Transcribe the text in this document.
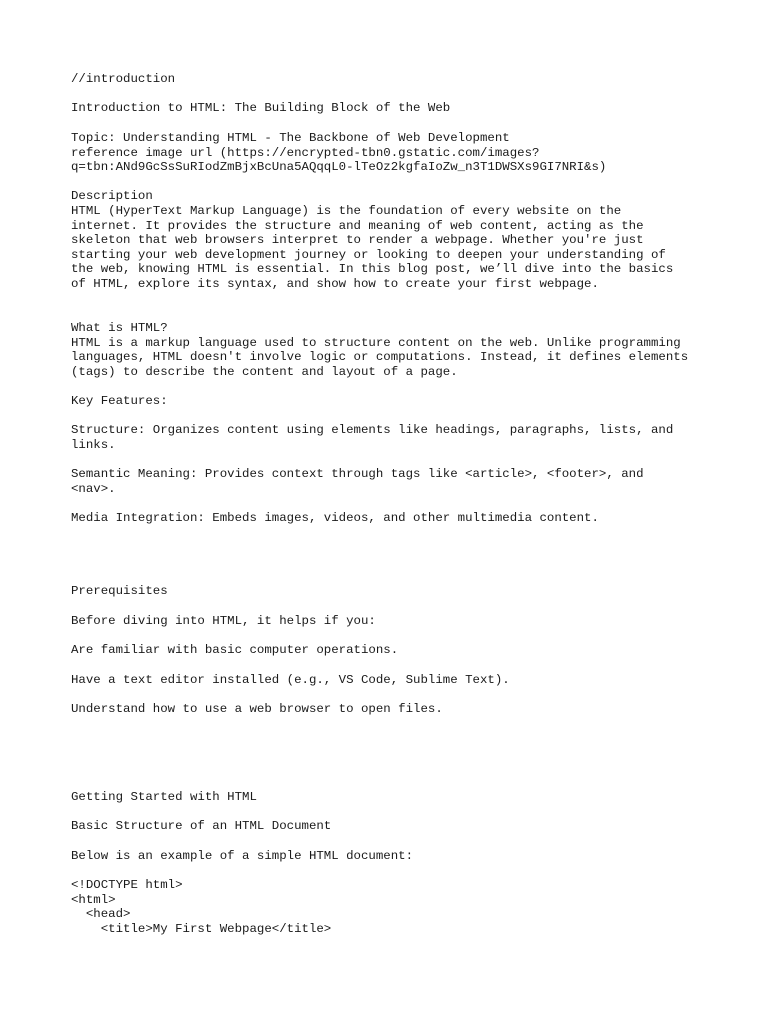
//introduction
Introduction to HTML: The Building Block of the Web
Topic: Understanding HTML - The Backbone of Web Development
reference image url (https://encrypted-tbn0.gstatic.com/images?
q=tbn:ANd9GcSsSuRIodZmBjxBcUna5AQqqL0-lTeOz2kgfaIoZw_n3T1DWSXs9GI7NRI&s)
Description
HTML (HyperText Markup Language) is the foundation of every website on the
internet. It provides the structure and meaning of web content, acting as the
skeleton that web browsers interpret to render a webpage. Whether you're just
starting your web development journey or looking to deepen your understanding of
the web, knowing HTML is essential. In this blog post, we’ll dive into the basics
of HTML, explore its syntax, and show how to create your first webpage.
What is HTML?
HTML is a markup language used to structure content on the web. Unlike programming
languages, HTML doesn't involve logic or computations. Instead, it defines elements
(tags) to describe the content and layout of a page.
Key Features:
Structure: Organizes content using elements like headings, paragraphs, lists, and
links.
Semantic Meaning: Provides context through tags like <article>, <footer>, and
<nav>.
Media Integration: Embeds images, videos, and other multimedia content.
Prerequisites
Before diving into HTML, it helps if you:
Are familiar with basic computer operations.
Have a text editor installed (e.g., VS Code, Sublime Text).
Understand how to use a web browser to open files.
Getting Started with HTML
Basic Structure of an HTML Document
Below is an example of a simple HTML document:
<!DOCTYPE html>
<html>
<head>
<title>My First Webpage</title>
